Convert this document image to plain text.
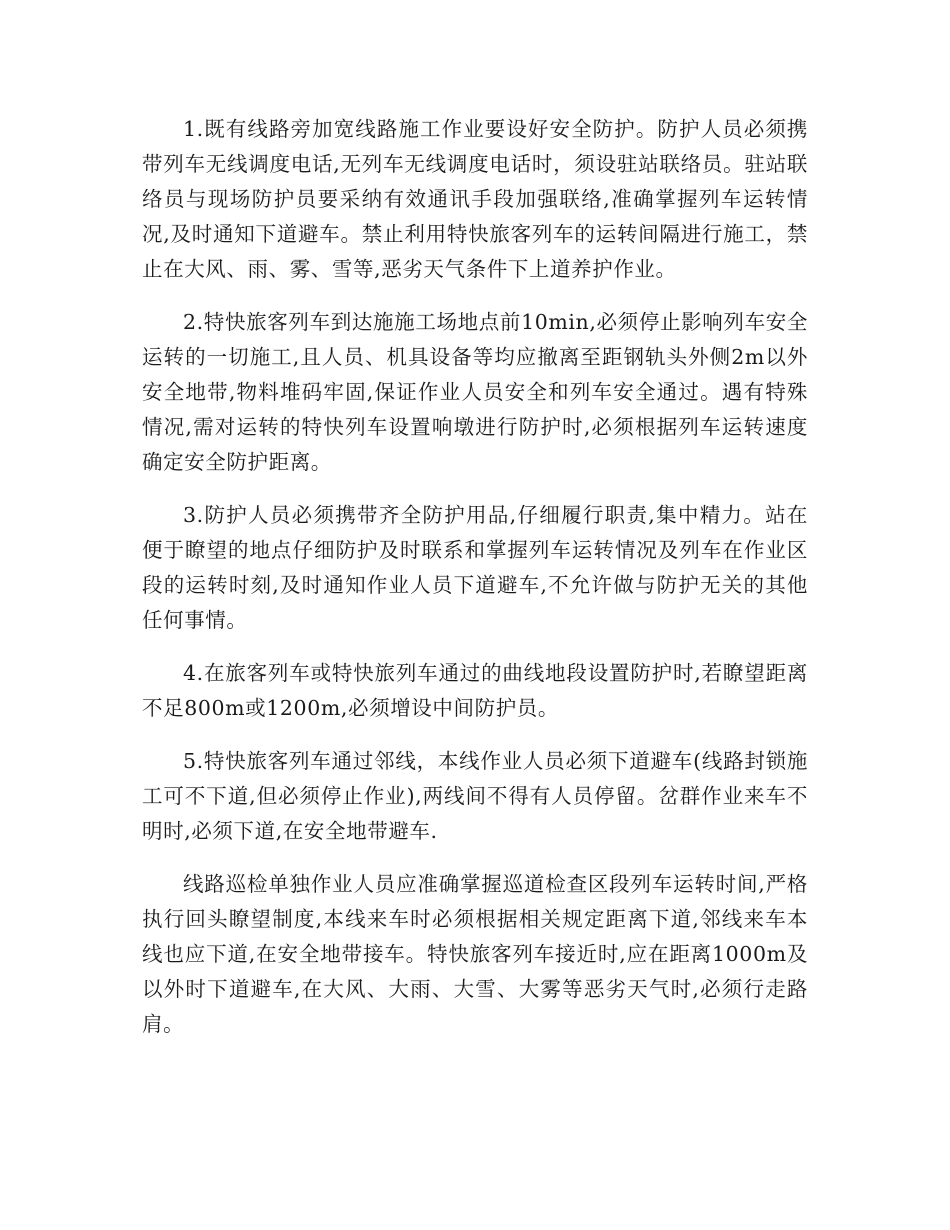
1.既有线路旁加宽线路施工作业要设好安全防护。防护人员必须携带列车无线调度电话,无列车无线调度电话时，须设驻站联络员。驻站联络员与现场防护员要采纳有效通讯手段加强联络,准确掌握列车运转情况,及时通知下道避车。禁止利用特快旅客列车的运转间隔进行施工，禁止在大风、雨、雾、雪等,恶劣天气条件下上道养护作业。

2.特快旅客列车到达施施工场地点前10min,必须停止影响列车安全运转的一切施工,且人员、机具设备等均应撤离至距钢轨头外侧2m以外安全地带,物料堆码牢固,保证作业人员安全和列车安全通过。遇有特殊情况,需对运转的特快列车设置响墩进行防护时,必须根据列车运转速度确定安全防护距离。

3.防护人员必须携带齐全防护用品,仔细履行职责,集中精力。站在便于瞭望的地点仔细防护及时联系和掌握列车运转情况及列车在作业区段的运转时刻,及时通知作业人员下道避车,不允许做与防护无关的其他任何事情。

4.在旅客列车或特快旅列车通过的曲线地段设置防护时,若瞭望距离不足800m或1200m,必须增设中间防护员。

5.特快旅客列车通过邻线，本线作业人员必须下道避车(线路封锁施工可不下道,但必须停止作业),两线间不得有人员停留。岔群作业来车不明时,必须下道,在安全地带避车.

线路巡检单独作业人员应准确掌握巡道检查区段列车运转时间,严格执行回头瞭望制度,本线来车时必须根据相关规定距离下道,邻线来车本线也应下道,在安全地带接车。特快旅客列车接近时,应在距离1000m及以外时下道避车,在大风、大雨、大雪、大雾等恶劣天气时,必须行走路肩。
